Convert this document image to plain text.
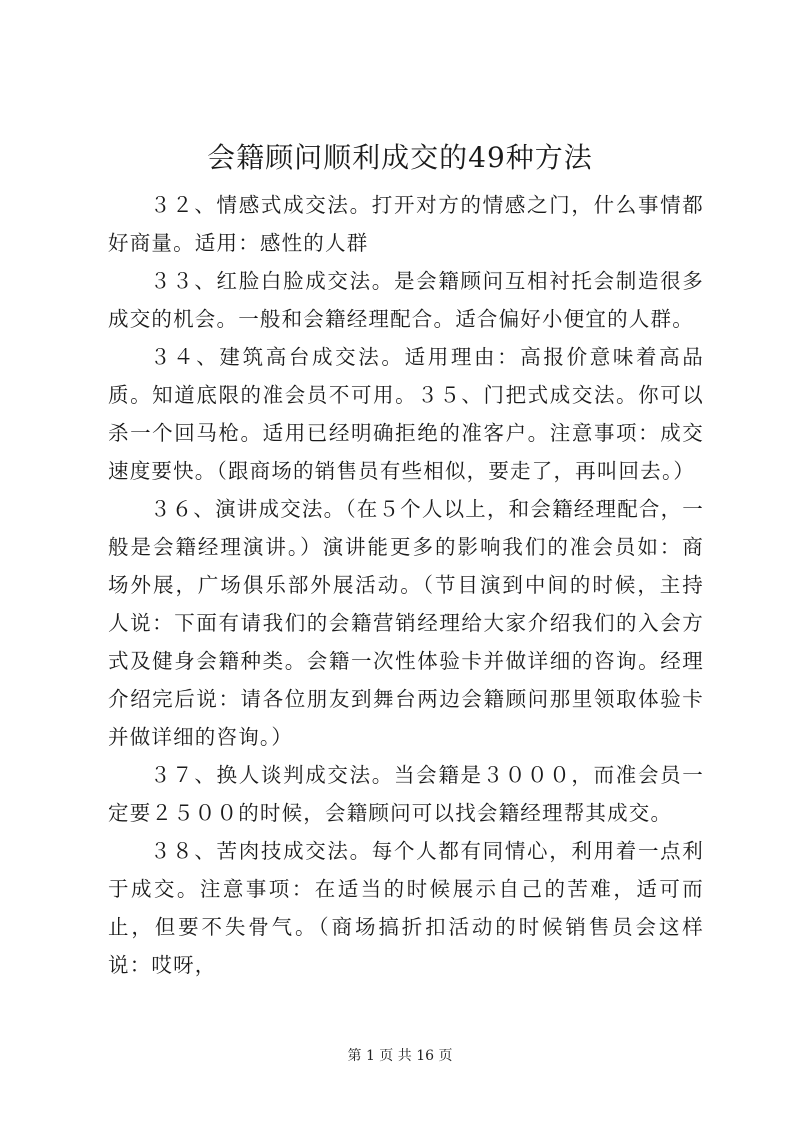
会籍顾问顺利成交的49种方法

３２、情感式成交法。打开对方的情感之门，什么事情都好商量。适用：感性的人群

３３、红脸白脸成交法。是会籍顾问互相衬托会制造很多成交的机会。一般和会籍经理配合。适合偏好小便宜的人群。

３４、建筑高台成交法。适用理由：高报价意味着高品质。知道底限的准会员不可用。３５、门把式成交法。你可以杀一个回马枪。适用已经明确拒绝的准客户。注意事项：成交速度要快。（跟商场的销售员有些相似，要走了，再叫回去。）

３６、演讲成交法。（在５个人以上，和会籍经理配合，一般是会籍经理演讲。）演讲能更多的影响我们的准会员如：商场外展，广场俱乐部外展活动。（节目演到中间的时候，主持人说：下面有请我们的会籍营销经理给大家介绍我们的入会方式及健身会籍种类。会籍一次性体验卡并做详细的咨询。经理介绍完后说：请各位朋友到舞台两边会籍顾问那里领取体验卡并做详细的咨询。）

３７、换人谈判成交法。当会籍是３０００，而准会员一定要２５００的时候，会籍顾问可以找会籍经理帮其成交。

３８、苦肉技成交法。每个人都有同情心，利用着一点利于成交。注意事项：在适当的时候展示自己的苦难，适可而止，但要不失骨气。（商场搞折扣活动的时候销售员会这样说：哎呀，

第 1 页 共 16 页
